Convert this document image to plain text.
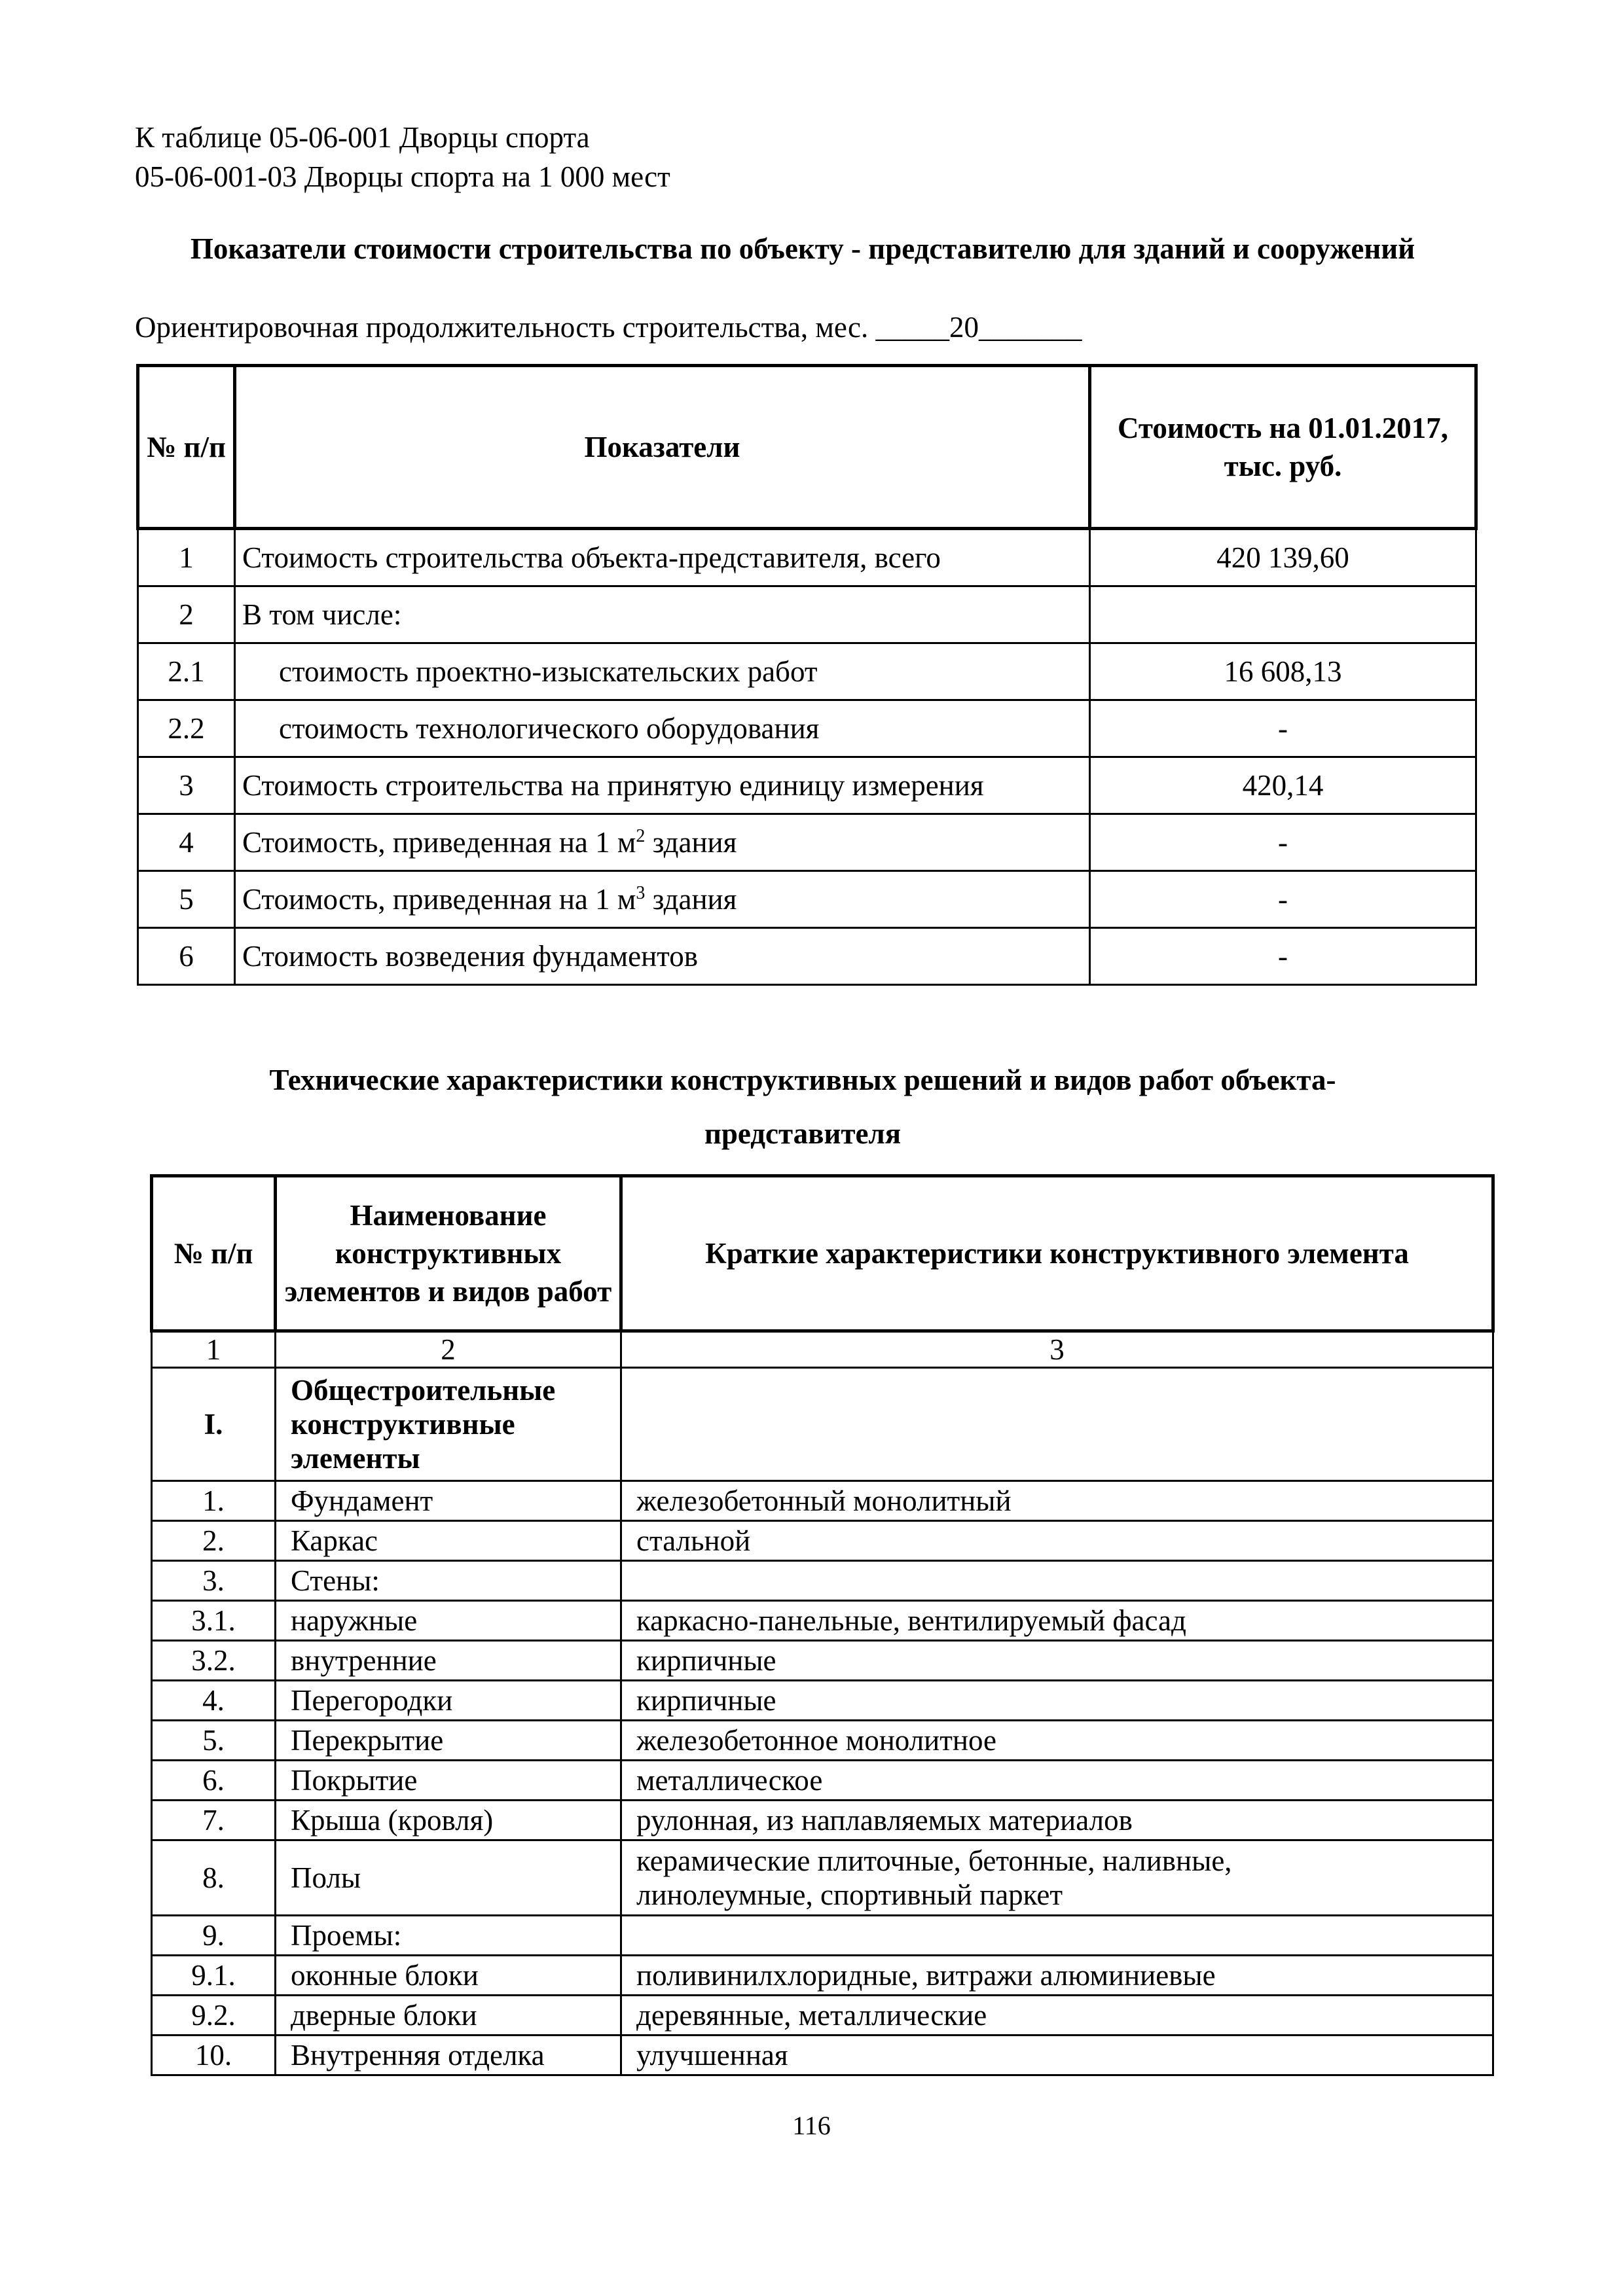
К таблице 05-06-001 Дворцы спорта
05-06-001-03 Дворцы спорта на 1 000 мест
Показатели стоимости строительства по объекту - представителю для зданий и сооружений
Ориентировочная продолжительность строительства, мес. _____20_______
№ п/п	Показатели	Стоимость на 01.01.2017, тыс. руб.
1	Стоимость строительства объекта-представителя, всего	420 139,60
2	В том числе:	
2.1	стоимость проектно-изыскательских работ	16 608,13
2.2	стоимость технологического оборудования	-
3	Стоимость строительства на принятую единицу измерения	420,14
4	Стоимость, приведенная на 1 $м^2$ здания	-
5	Стоимость, приведенная на 1 $м^3$ здания	-
6	Стоимость возведения фундаментов	-
Технические характеристики конструктивных решений и видов работ объекта-
представителя
№ п/п	Наименование конструктивных элементов и видов работ	Краткие характеристики конструктивного элемента
1	2	3
I.	Общестроительные конструктивные элементы	
1.	Фундамент	железобетонный монолитный
2.	Каркас	стальной
3.	Стены:	
3.1.	наружные	каркасно-панельные, вентилируемый фасад
3.2.	внутренние	кирпичные
4.	Перегородки	кирпичные
5.	Перекрытие	железобетонное монолитное
6.	Покрытие	металлическое
7.	Крыша (кровля)	рулонная, из наплавляемых материалов
8.	Полы	керамические плиточные, бетонные, наливные,
линолеумные, спортивный паркет

9.	Проемы:	
9.1.	оконные блоки	поливинилхлоридные, витражи алюминиевые
9.2.	дверные блоки	деревянные, металлические
10.	Внутренняя отделка	улучшенная
116
